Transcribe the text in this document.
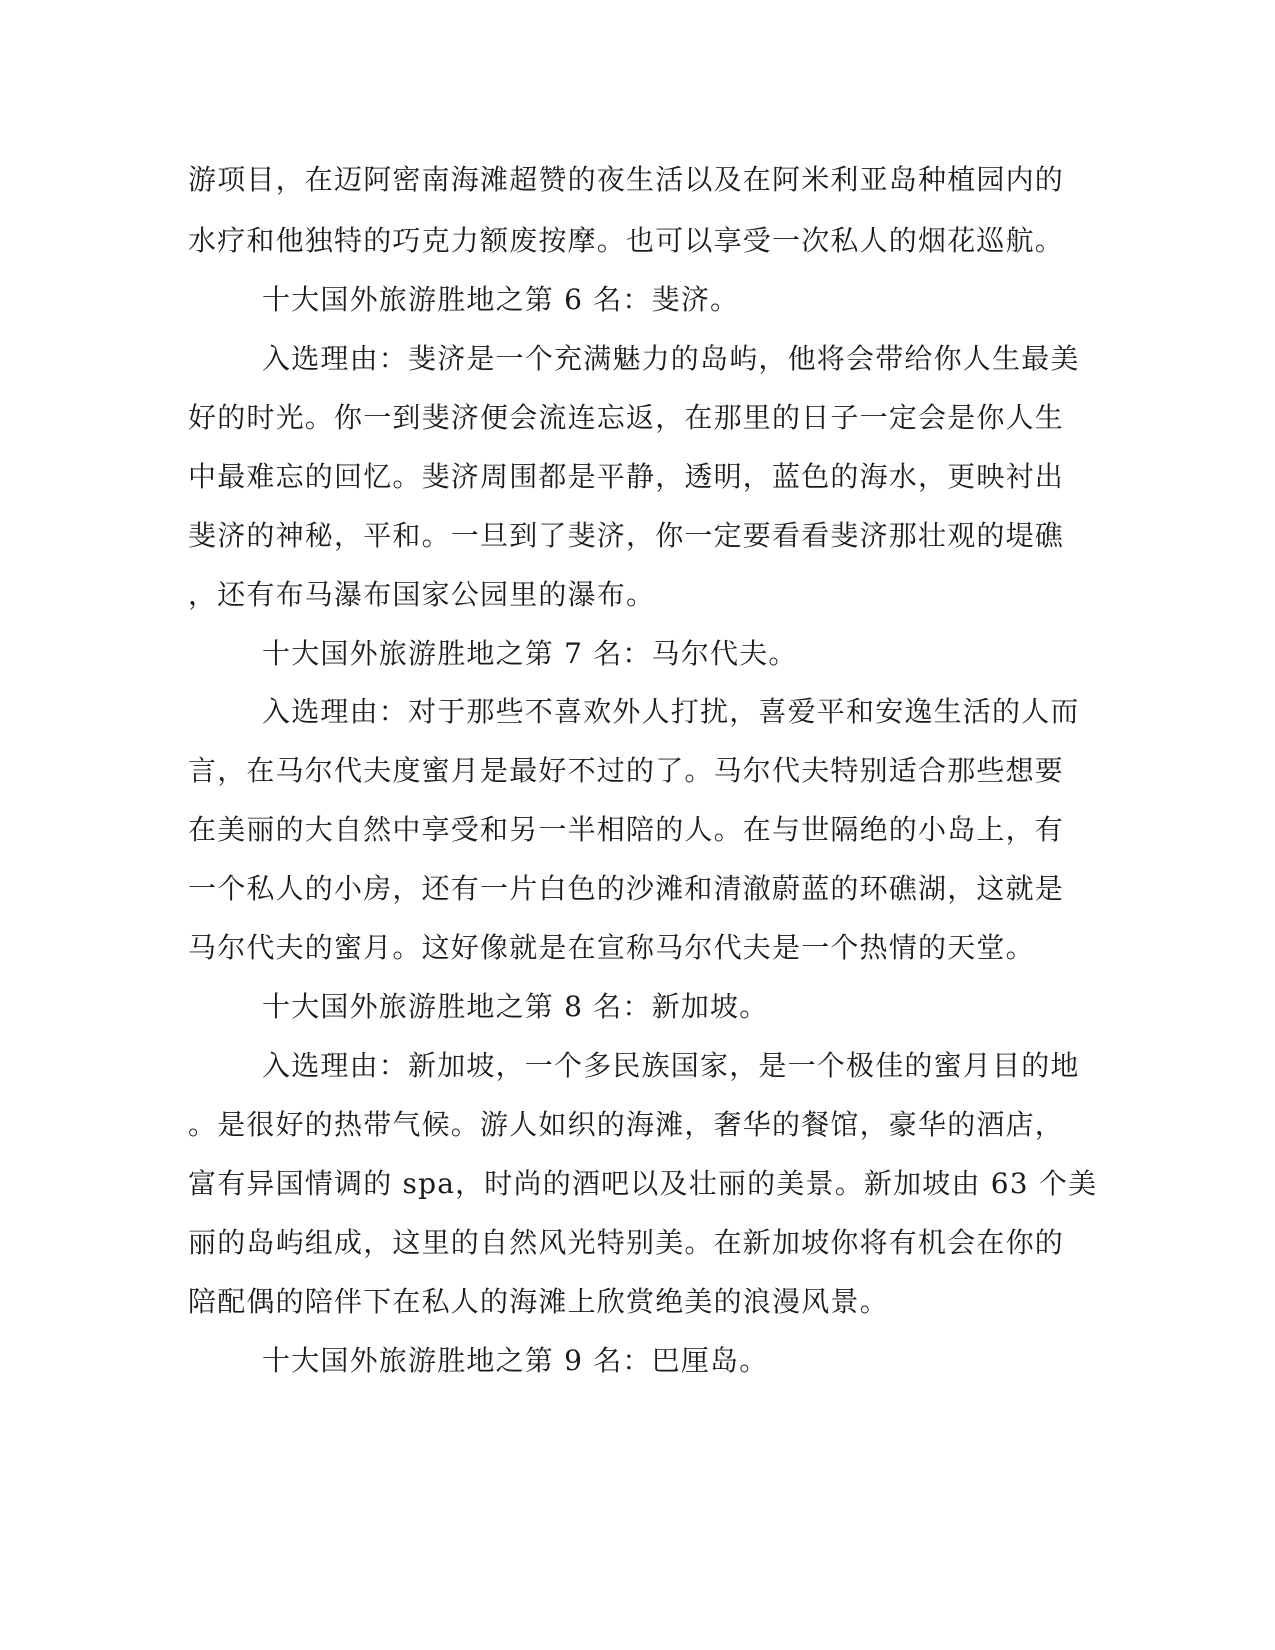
游项目，在迈阿密南海滩超赞的夜生活以及在阿米利亚岛种植园内的
水疗和他独特的巧克力额废按摩。也可以享受一次私人的烟花巡航。
十大国外旅游胜地之第 6 名：斐济。
入选理由：斐济是一个充满魅力的岛屿，他将会带给你人生最美
好的时光。你一到斐济便会流连忘返，在那里的日子一定会是你人生
中最难忘的回忆。斐济周围都是平静，透明，蓝色的海水，更映衬出
斐济的神秘，平和。一旦到了斐济，你一定要看看斐济那壮观的堤礁
，还有布马瀑布国家公园里的瀑布。
十大国外旅游胜地之第 7 名：马尔代夫。
入选理由：对于那些不喜欢外人打扰，喜爱平和安逸生活的人而
言，在马尔代夫度蜜月是最好不过的了。马尔代夫特别适合那些想要
在美丽的大自然中享受和另一半相陪的人。在与世隔绝的小岛上，有
一个私人的小房，还有一片白色的沙滩和清澈蔚蓝的环礁湖，这就是
马尔代夫的蜜月。这好像就是在宣称马尔代夫是一个热情的天堂。
十大国外旅游胜地之第 8 名：新加坡。
入选理由：新加坡，一个多民族国家，是一个极佳的蜜月目的地
。是很好的热带气候。游人如织的海滩，奢华的餐馆，豪华的酒店，
富有异国情调的 spa，时尚的酒吧以及壮丽的美景。新加坡由 63 个美
丽的岛屿组成，这里的自然风光特别美。在新加坡你将有机会在你的
陪配偶的陪伴下在私人的海滩上欣赏绝美的浪漫风景。
十大国外旅游胜地之第 9 名：巴厘岛。
